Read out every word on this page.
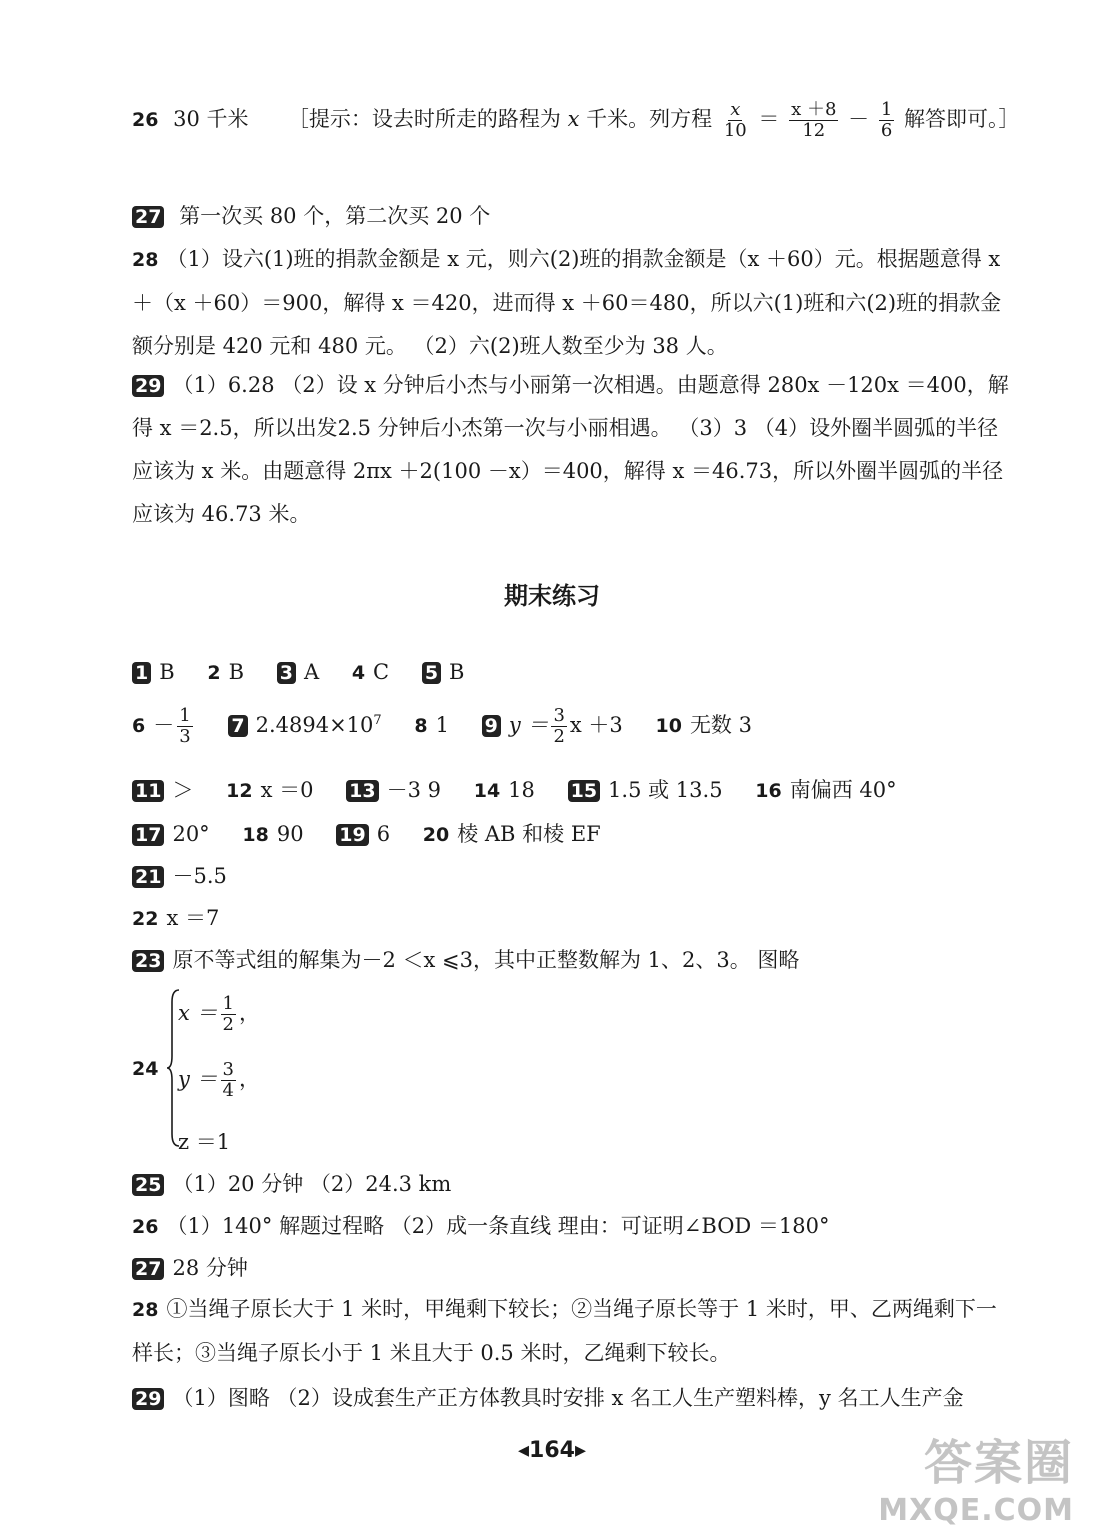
26 30 千米 ［提示：设去时所走的路程为 x 千米。列方程 $\frac{x}{10} = \frac{x +8}{12} - \frac{1}{6}$ 解答即可。］
27 第一次买 80 个，第二次买 20 个
28 （1）设六(1)班的捐款金额是 x 元，则六(2)班的捐款金额是（x ＋60）元。根据题意得 x ＋（x ＋60）＝900，解得 x ＝420，进而得 x ＋60＝480，所以六(1)班和六(2)班的捐款金额分别是 420 元和 480 元。 （2）六(2)班人数至少为 38 人。
29 （1）6.28 （2）设 x 分钟后小杰与小丽第一次相遇。由题意得 280x －120x ＝400，解得 x ＝2.5，所以出发2.5 分钟后小杰第一次与小丽相遇。 （3）3 （4）设外圈半圆弧的半径应该为 x 米。由题意得 2πx ＋2(100 －x）＝400，解得 x ＝46.73，所以外圈半圆弧的半径应该为 46.73 米。
期末练习
1 B 2 B 3 A 4 C 5 B
$6 - \frac{1}{3} 7$ $2.4894\times 10^7$ 8 1 9 $y = \frac{3}{2}$ x ＋3 10 无数 3
11 ＞ 12 x ＝0 13 －3 9 14 18 15 1.5 或 13.5 16 南偏西 40°
17 20° 18 90 19 6 20 棱 AB 和棱 EF
21 －5.5
22 x ＝7
23 原不等式组的解集为－2 ＜x ⩽3，其中正整数解为 1、2、3。 图略
24
$x = \frac{1}{2}$ ，
$y = \frac{3}{4}$ ，
z ＝1
25 （1）20 分钟 （2）24.3 km
26 （1）140° 解题过程略 （2）成一条直线 理由：可证明∠BOD ＝180°
27 28 分钟
28 ①当绳子原长大于 1 米时，甲绳剩下较长；②当绳子原长等于 1 米时，甲、乙两绳剩下一样长；③当绳子原长小于 1 米且大于 0.5 米时，乙绳剩下较长。
29 （1）图略 （2）设成套生产正方体教具时安排 x 名工人生产塑料棒，y 名工人生产金
◂164▸	答案圈
MXQE.COM
